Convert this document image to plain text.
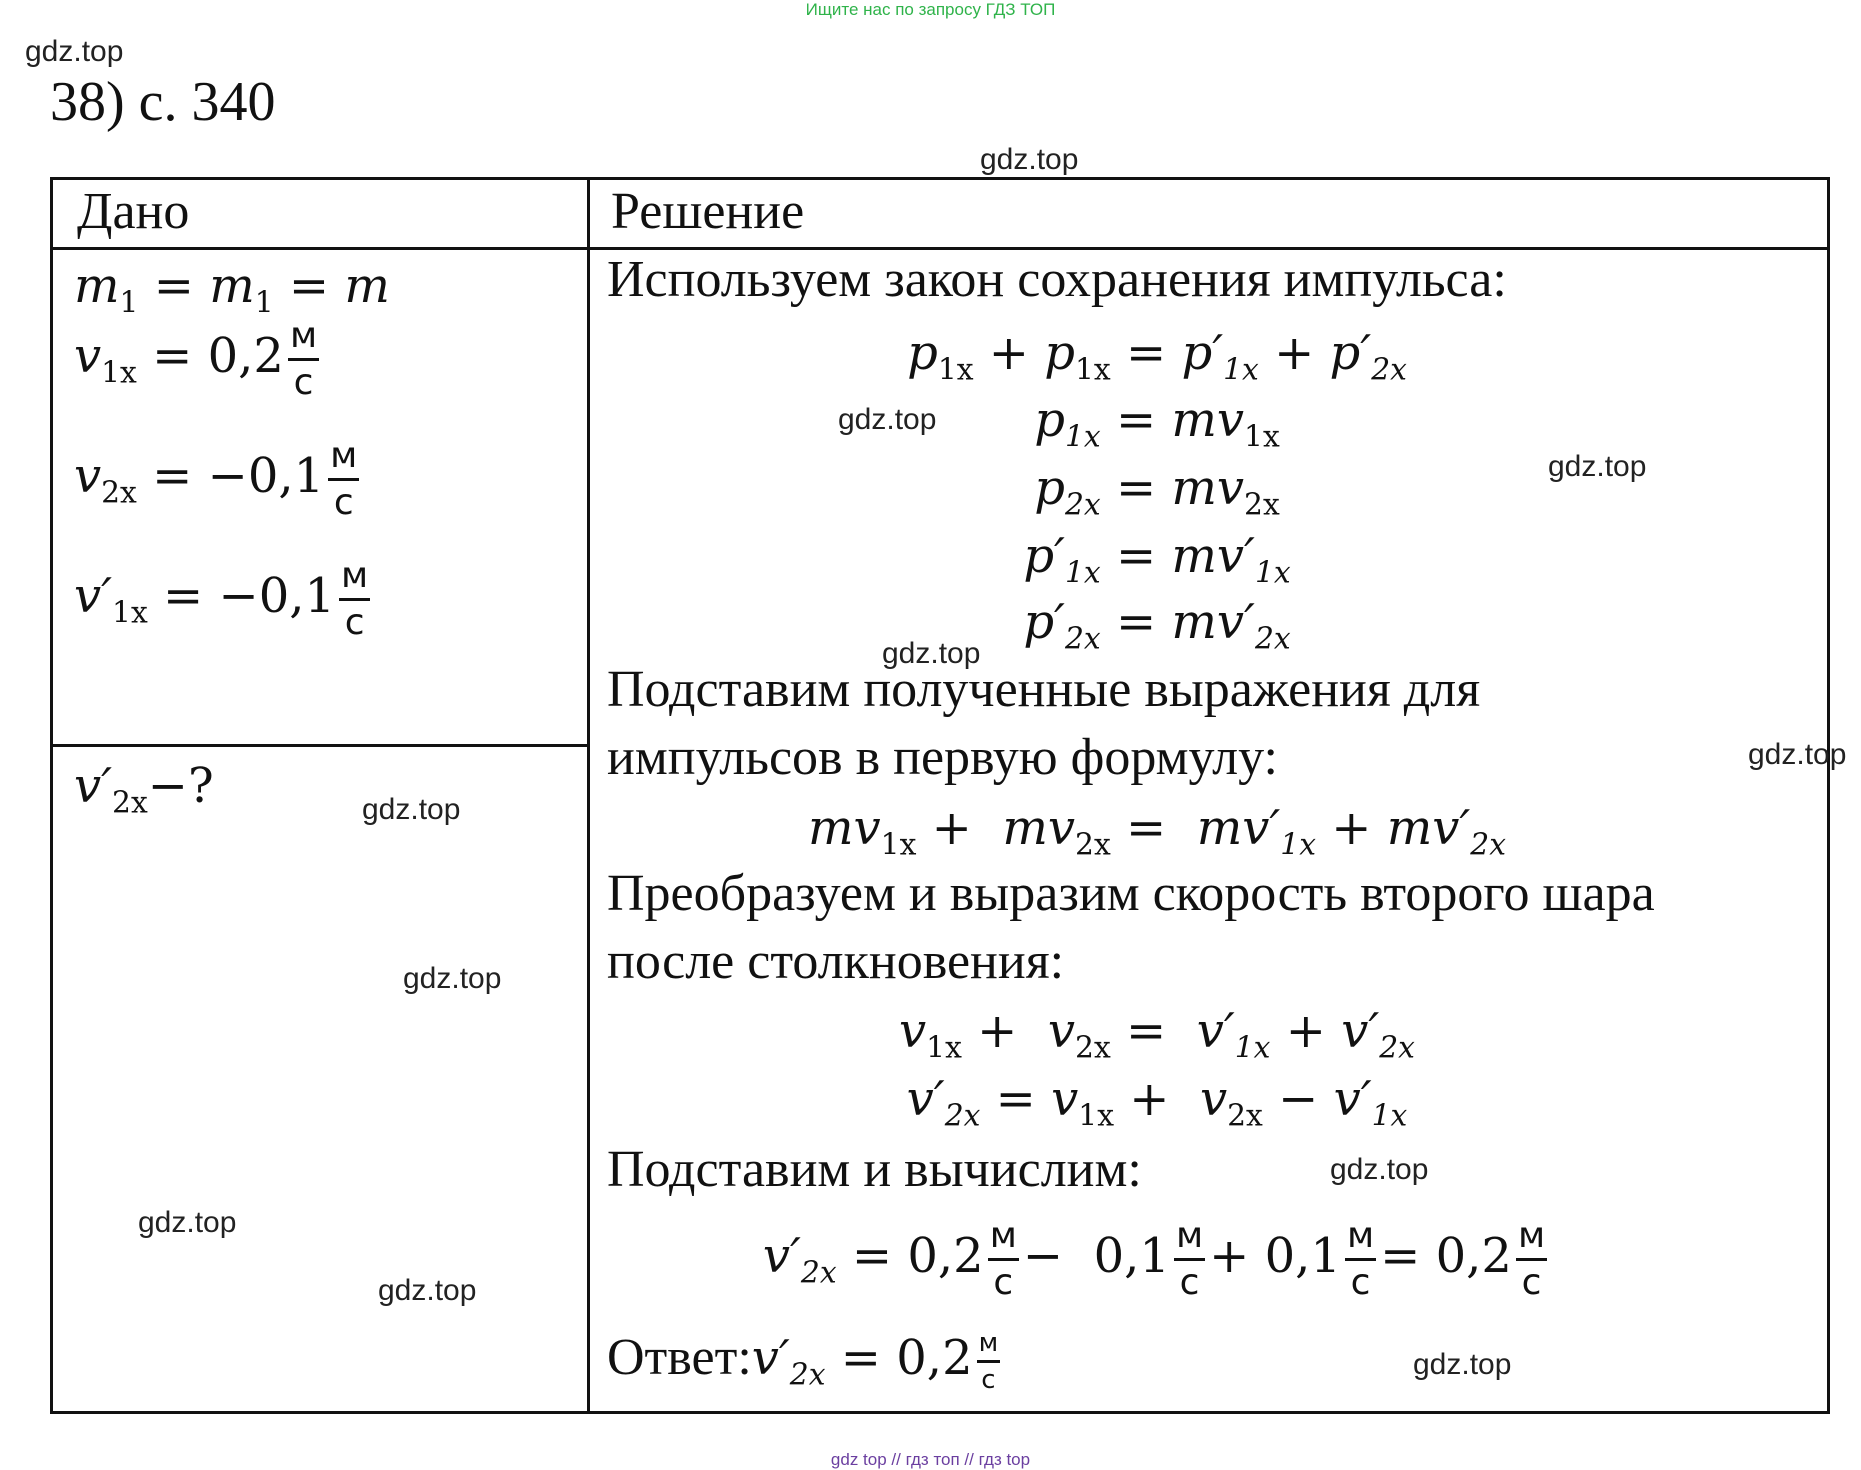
Ищите нас по запросу ГДЗ ТОП
gdz.top
38) с. 340
gdz.top
Дано	Решение
$m_1 = m_1 = m$
$v_{1x} = 0,2 \frac{м}{с}$
$v_{2x} = -0,1 \frac{м}{с}$
$v'_{1x} = -0,1 \frac{м}{с}$
$v'_{2x}-$?
Используем закон сохранения импульса:
$p_{1x} + p_{1x} = p'_{1x} + p'_{2x}$
$p_{1x} = mv_{1x}$
$p_{2x} = mv_{2x}$
$p'_{1x} = mv'_{1x}$
$p'_{2x} = mv'_{2x}$
Подставим полученные выражения для
импульсов в первую формулу:
$mv_{1x} + mv_{2x} = mv'_{1x} + mv'_{2x}$
Преобразуем и выразим скорость второго шара
после столкновения:
$v_{1x} + v_{2x} = v'_{1x} + v'_{2x}$
$v'_{2x} = v_{1x} + v_{2x} - v'_{1x}$
Подставим и вычислим:
$v'_{2x} = 0,2 \frac{м}{с} - 0,1 \frac{м}{с} + 0,1 \frac{м}{с} = 0,2 \frac{м}{с}$
$Ответ:v'_{2x} = 0,2 \frac{м}{с}$
gdz.top
gdz.top
gdz.top
gdz.top
gdz.top
gdz.top
gdz.top
gdz.top
gdz.top
gdz.top
gdz top // гдз топ // гдз top
